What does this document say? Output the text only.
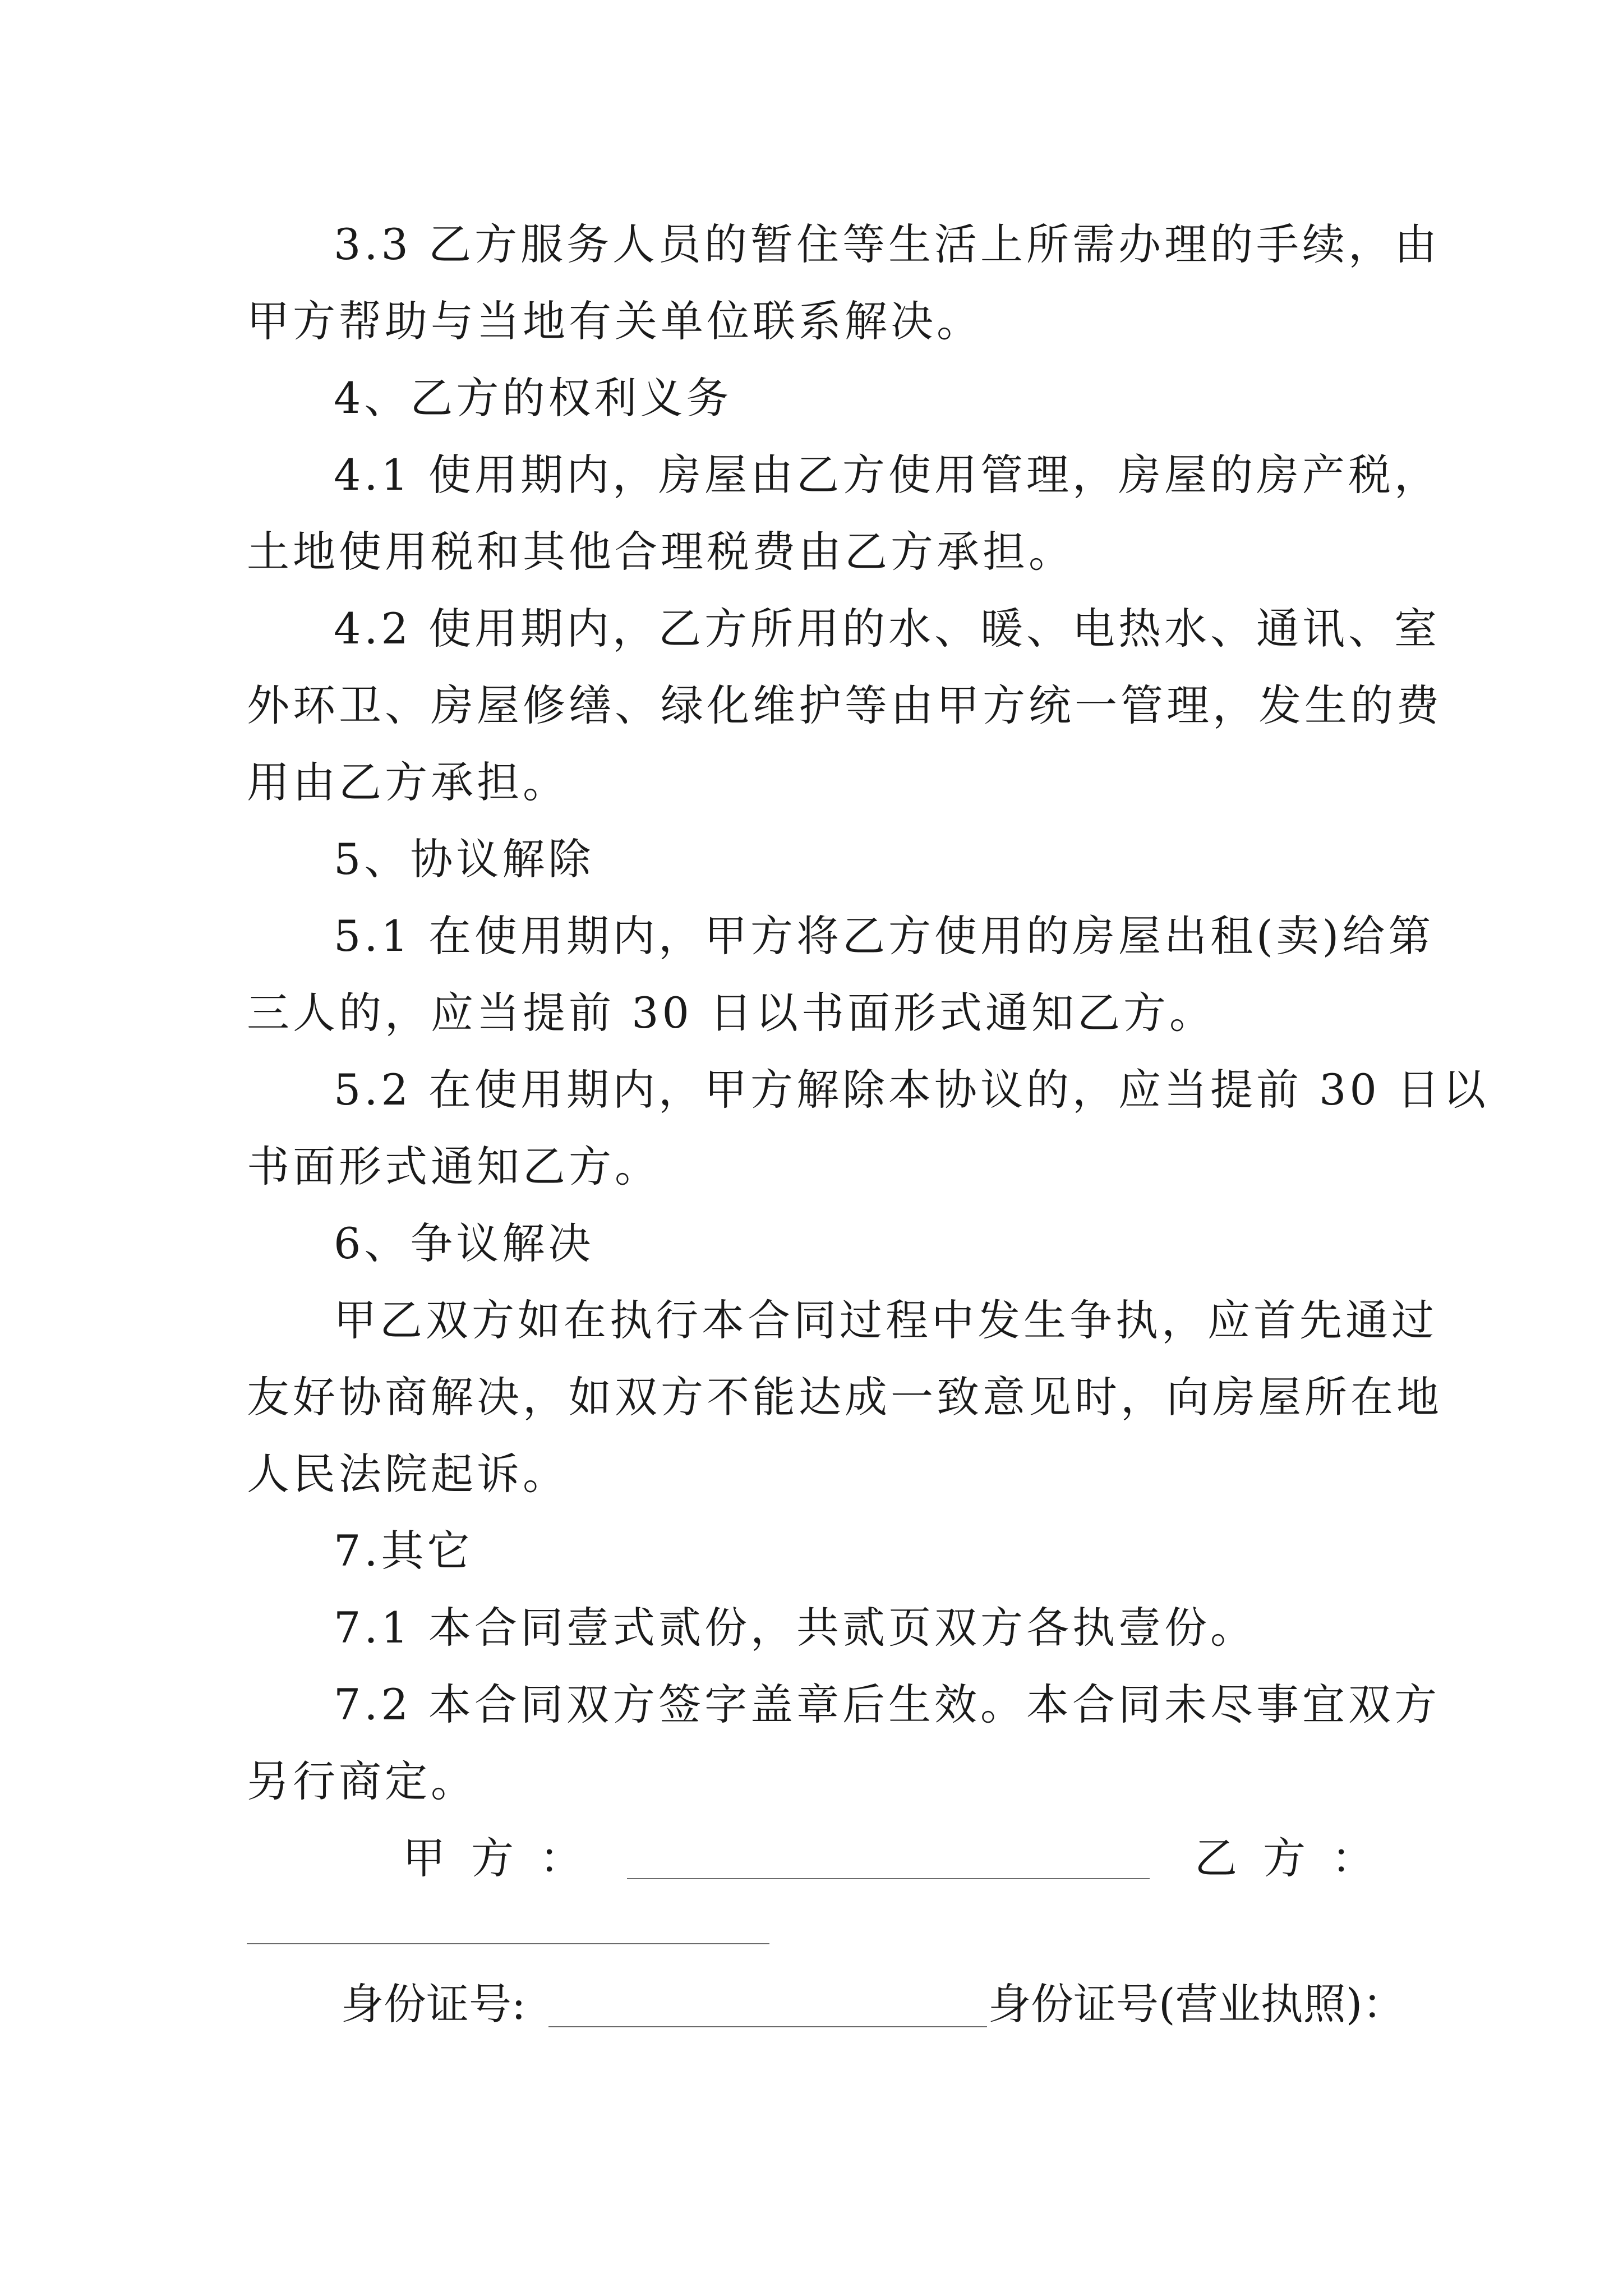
3.3 乙方服务人员的暂住等生活上所需办理的手续，由
甲方帮助与当地有关单位联系解决。
4、乙方的权利义务
4.1 使用期内，房屋由乙方使用管理，房屋的房产税，
土地使用税和其他合理税费由乙方承担。
4.2 使用期内，乙方所用的水、暖、电热水、通讯、室
外环卫、房屋修缮、绿化维护等由甲方统一管理，发生的费
用由乙方承担。
5、协议解除
5.1 在使用期内，甲方将乙方使用的房屋出租(卖)给第
三人的，应当提前 30 日以书面形式通知乙方。
5.2 在使用期内，甲方解除本协议的，应当提前 30 日以
书面形式通知乙方。
6、争议解决
甲乙双方如在执行本合同过程中发生争执，应首先通过
友好协商解决，如双方不能达成一致意见时，向房屋所在地
人民法院起诉。
7.其它
7.1 本合同壹式贰份，共贰页双方各执壹份。
7.2 本合同双方签字盖章后生效。本合同未尽事宜双方
另行商定。
甲方：	乙方：
身份证号:	身份证号(营业执照)：
